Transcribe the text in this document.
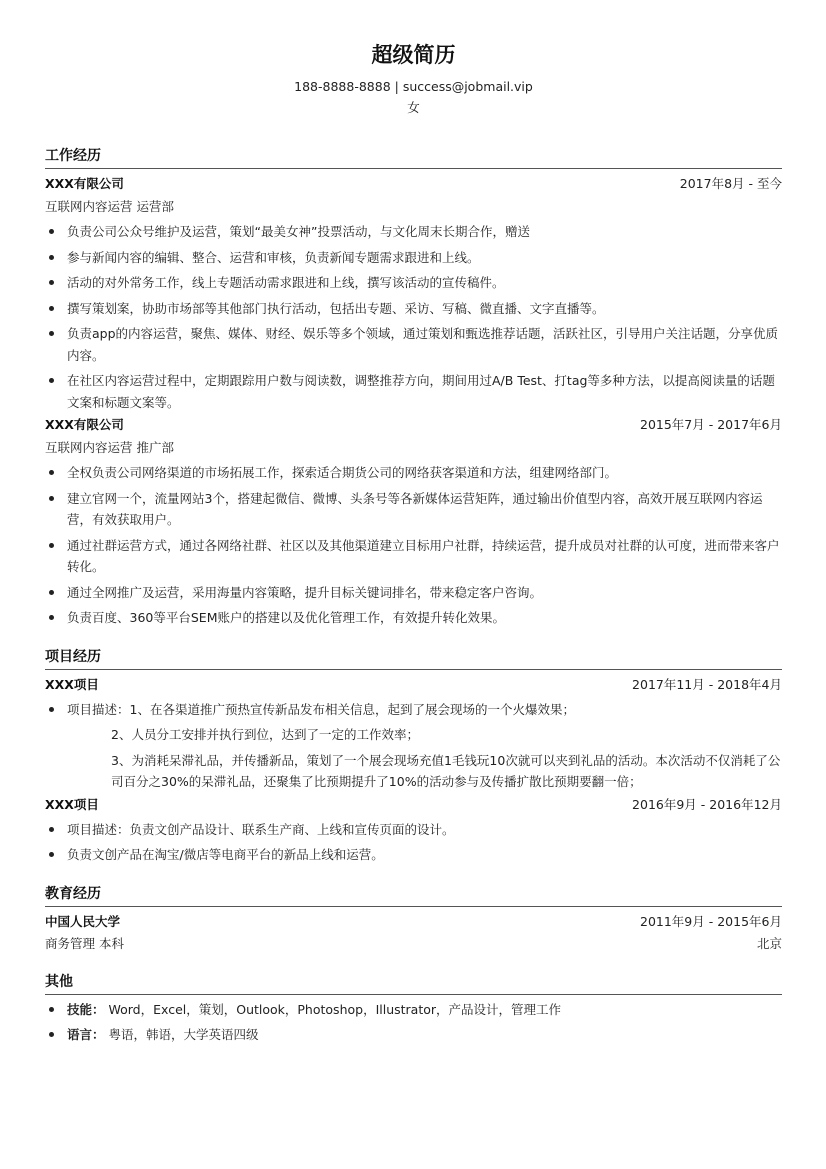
超级简历
188-8888-8888 | success@jobmail.vip
女
工作经历
XXX有限公司	2017年8月 - 至今
互联网内容运营 运营部
负责公司公众号维护及运营，策划“最美女神”投票活动，与文化周末长期合作，赠送
参与新闻内容的编辑、整合、运营和审核，负责新闻专题需求跟进和上线。
活动的对外常务工作，线上专题活动需求跟进和上线，撰写该活动的宣传稿件。
撰写策划案，协助市场部等其他部门执行活动，包括出专题、采访、写稿、微直播、文字直播等。
负责app的内容运营，聚焦、媒体、财经、娱乐等多个领域，通过策划和甄选推荐话题，活跃社区，引导用户关注话题，分享优质内容。
在社区内容运营过程中，定期跟踪用户数与阅读数，调整推荐方向，期间用过A/B Test、打tag等多种方法，以提高阅读量的话题文案和标题文案等。
XXX有限公司	2015年7月 - 2017年6月
互联网内容运营 推广部
全权负责公司网络渠道的市场拓展工作，探索适合期货公司的网络获客渠道和方法，组建网络部门。
建立官网一个，流量网站3个，搭建起微信、微博、头条号等各新媒体运营矩阵，通过输出价值型内容，高效开展互联网内容运营，有效获取用户。
通过社群运营方式，通过各网络社群、社区以及其他渠道建立目标用户社群，持续运营，提升成员对社群的认可度，进而带来客户转化。
通过全网推广及运营，采用海量内容策略，提升目标关键词排名，带来稳定客户咨询。
负责百度、360等平台SEM账户的搭建以及优化管理工作，有效提升转化效果。
项目经历
XXX项目	2017年11月 - 2018年4月
项目描述：1、在各渠道推广预热宣传新品发布相关信息，起到了展会现场的一个火爆效果；
2、人员分工安排并执行到位，达到了一定的工作效率；
3、为消耗呆滞礼品，并传播新品，策划了一个展会现场充值1毛钱玩10次就可以夹到礼品的活动。本次活动不仅消耗了公司百分之30%的呆滞礼品，还聚集了比预期提升了10%的活动参与及传播扩散比预期要翻一倍；
XXX项目	2016年9月 - 2016年12月
项目描述：负责文创产品设计、联系生产商、上线和宣传页面的设计。
负责文创产品在淘宝/微店等电商平台的新品上线和运营。
教育经历
中国人民大学	2011年9月 - 2015年6月
商务管理 本科	北京
其他
技能： Word，Excel，策划，Outlook，Photoshop，Illustrator，产品设计，管理工作
语言： 粤语，韩语，大学英语四级
